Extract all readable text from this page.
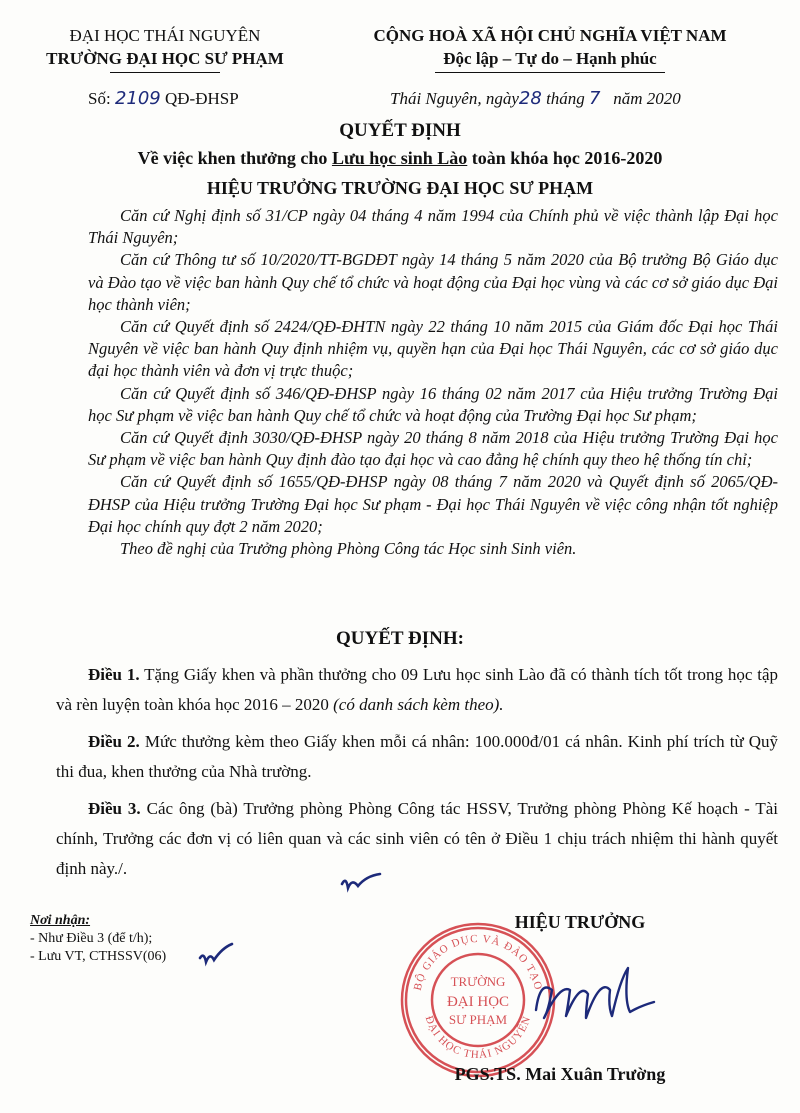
ĐẠI HỌC THÁI NGUYÊN
TRƯỜNG ĐẠI HỌC SƯ PHẠM
CỘNG HOÀ XÃ HỘI CHỦ NGHĨA VIỆT NAM
Độc lập – Tự do – Hạnh phúc
Số: 2109 QĐ-ĐHSP	Thái Nguyên, ngày28 tháng 7 năm 2020
QUYẾT ĐỊNH
Về việc khen thưởng cho Lưu học sinh Lào toàn khóa học 2016-2020
HIỆU TRƯỞNG TRƯỜNG ĐẠI HỌC SƯ PHẠM

Căn cứ Nghị định số 31/CP ngày 04 tháng 4 năm 1994 của Chính phủ về việc thành lập Đại học Thái Nguyên;

Căn cứ Thông tư số 10/2020/TT-BGDĐT ngày 14 tháng 5 năm 2020 của Bộ trưởng Bộ Giáo dục và Đào tạo về việc ban hành Quy chế tổ chức và hoạt động của Đại học vùng và các cơ sở giáo dục Đại học thành viên;

Căn cứ Quyết định số 2424/QĐ-ĐHTN ngày 22 tháng 10 năm 2015 của Giám đốc Đại học Thái Nguyên về việc ban hành Quy định nhiệm vụ, quyền hạn của Đại học Thái Nguyên, các cơ sở giáo dục đại học thành viên và đơn vị trực thuộc;

Căn cứ Quyết định số 346/QĐ-ĐHSP ngày 16 tháng 02 năm 2017 của Hiệu trưởng Trường Đại học Sư phạm về việc ban hành Quy chế tổ chức và hoạt động của Trường Đại học Sư phạm;

Căn cứ Quyết định 3030/QĐ-ĐHSP ngày 20 tháng 8 năm 2018 của Hiệu trưởng Trường Đại học Sư phạm về việc ban hành Quy định đào tạo đại học và cao đẳng hệ chính quy theo hệ thống tín chỉ;

Căn cứ Quyết định số 1655/QĐ-ĐHSP ngày 08 tháng 7 năm 2020 và Quyết định số 2065/QĐ-ĐHSP của Hiệu trưởng Trường Đại học Sư phạm - Đại học Thái Nguyên về việc công nhận tốt nghiệp Đại học chính quy đợt 2 năm 2020;

Theo đề nghị của Trưởng phòng Phòng Công tác Học sinh Sinh viên.

QUYẾT ĐỊNH:

Điều 1. Tặng Giấy khen và phần thưởng cho 09 Lưu học sinh Lào đã có thành tích tốt trong học tập và rèn luyện toàn khóa học 2016 – 2020 (có danh sách kèm theo).

Điều 2. Mức thưởng kèm theo Giấy khen mỗi cá nhân: 100.000đ/01 cá nhân. Kinh phí trích từ Quỹ thi đua, khen thưởng của Nhà trường.

Điều 3. Các ông (bà) Trưởng phòng Phòng Công tác HSSV, Trưởng phòng Phòng Kế hoạch - Tài chính, Trưởng các đơn vị có liên quan và các sinh viên có tên ở Điều 1 chịu trách nhiệm thi hành quyết định này./.

Nơi nhận:
- Như Điều 3 (để t/h);
- Lưu VT, CTHSSV(06)
HIỆU TRƯỞNG
BỘ GIÁO DỤC VÀ ĐÀO TẠO
ĐẠI HỌC THÁI NGUYÊN
TRƯỜNG
ĐẠI HỌC
SƯ PHẠM
PGS.TS. Mai Xuân Trường
